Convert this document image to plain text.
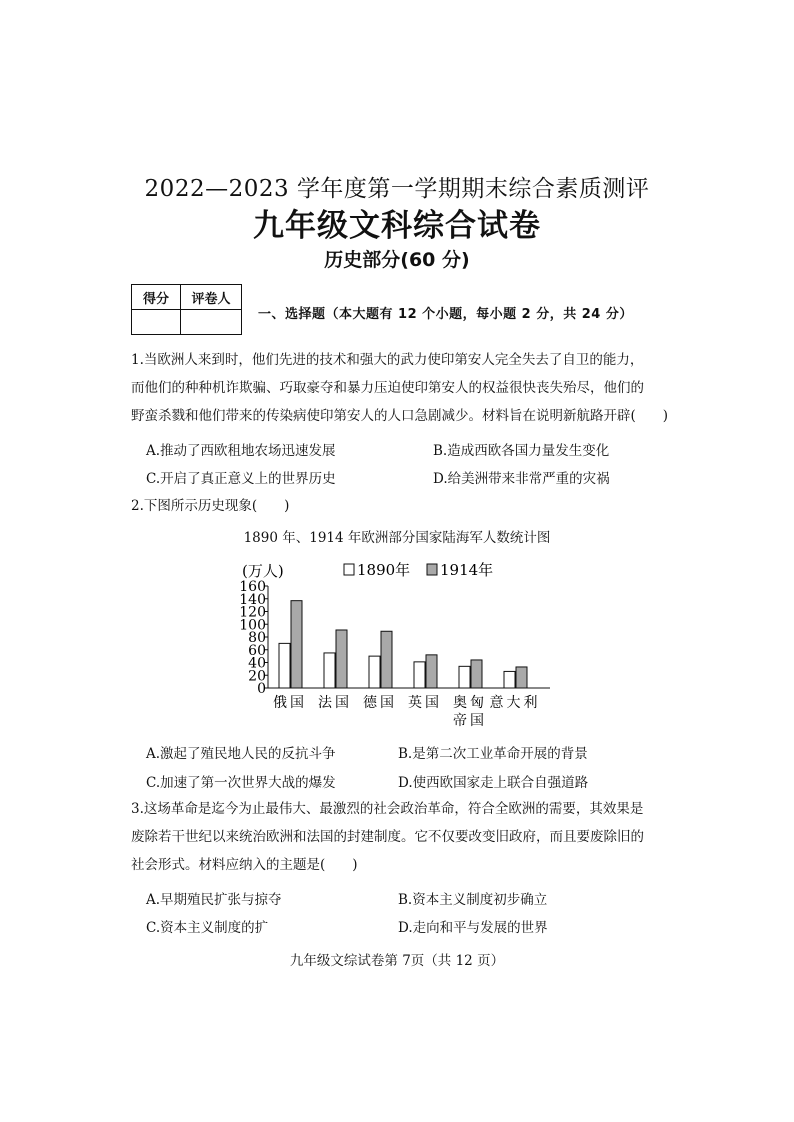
2022—2023 学年度第一学期期末综合素质测评
九年级文科综合试卷
历史部分(60 分)
得分	评卷人

一、选择题（本大题有 12 个小题，每小题 2 分，共 24 分）
1.当欧洲人来到时，他们先进的技术和强大的武力使印第安人完全失去了自卫的能力，
而他们的种种机诈欺骗、巧取豪夺和暴力压迫使印第安人的权益很快丧失殆尽，他们的
野蛮杀戮和他们带来的传染病使印第安人的人口急剧减少。材料旨在说明新航路开辟(　　)
A.推动了西欧租地农场迅速发展	B.造成西欧各国力量发生变化
C.开启了真正意义上的世界历史	D.给美洲带来非常严重的灾祸
2.下图所示历史现象(　　)
1890 年、1914 年欧洲部分国家陆海军人数统计图
(万人)	1890年 1914年
0
20
40
60
80
100
120
140
160
俄国 法国 德国 英国 奥匈
帝国
意大利
A.激起了殖民地人民的反抗斗争	B.是第二次工业革命开展的背景
C.加速了第一次世界大战的爆发	D.使西欧国家走上联合自强道路
3.这场革命是迄今为止最伟大、最激烈的社会政治革命，符合全欧洲的需要，其效果是
废除若干世纪以来统治欧洲和法国的封建制度。它不仅要改变旧政府，而且要废除旧的
社会形式。材料应纳入的主题是(　　)
A.早期殖民扩张与掠夺	B.资本主义制度初步确立
C.资本主义制度的扩	D.走向和平与发展的世界
九年级文综试卷第 7页（共 12 页）
